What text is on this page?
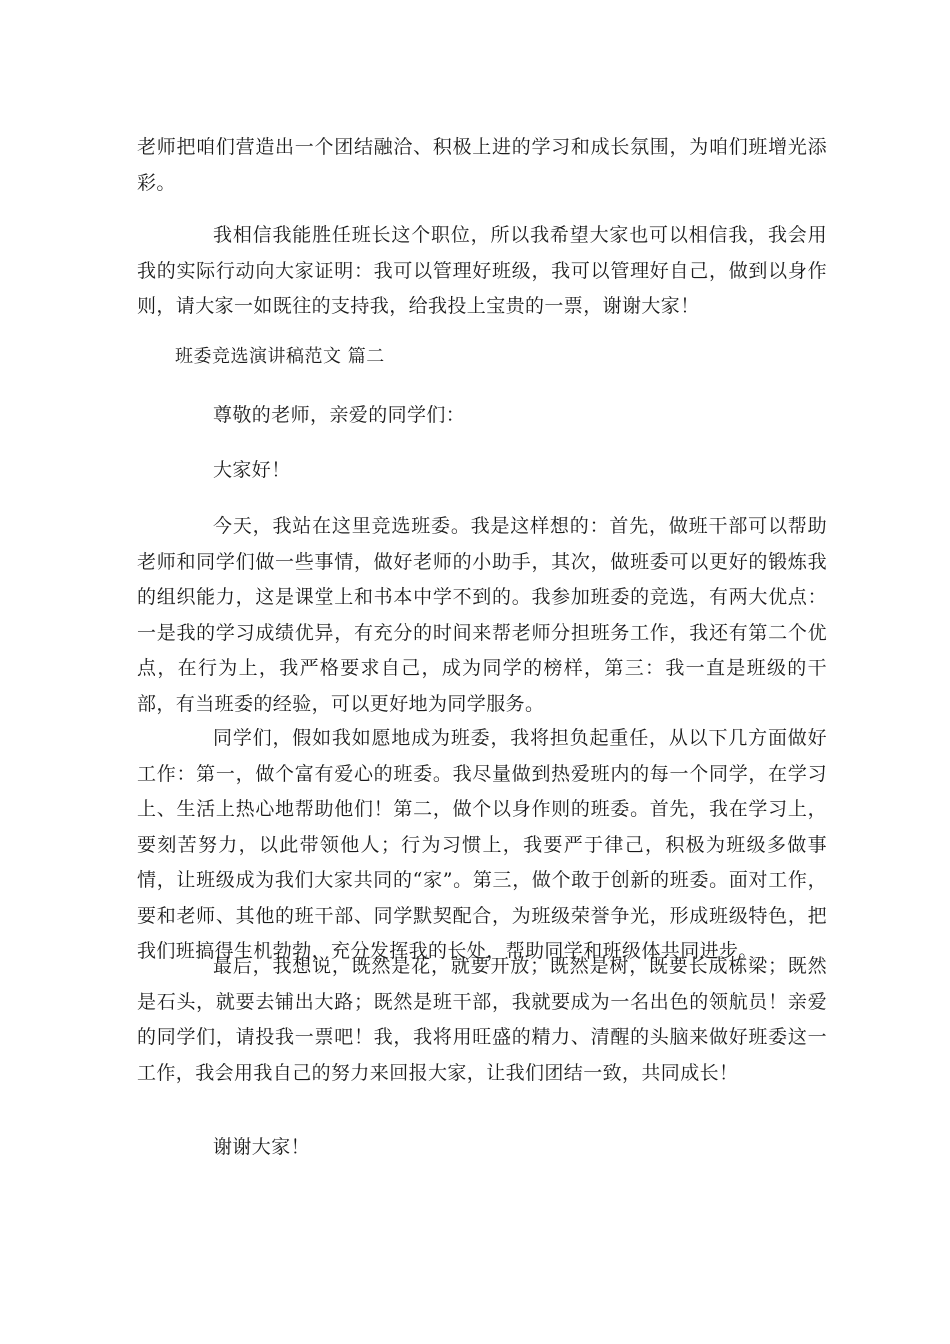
老师把咱们营造出一个团结融洽、积极上进的学习和成长氛围，为咱们班增光添彩。

我相信我能胜任班长这个职位，所以我希望大家也可以相信我，我会用我的实际行动向大家证明：我可以管理好班级，我可以管理好自己，做到以身作则，请大家一如既往的支持我，给我投上宝贵的一票，谢谢大家！

班委竞选演讲稿范文 篇二

尊敬的老师，亲爱的同学们：

大家好！

今天，我站在这里竞选班委。我是这样想的：首先，做班干部可以帮助老师和同学们做一些事情，做好老师的小助手，其次，做班委可以更好的锻炼我的组织能力，这是课堂上和书本中学不到的。我参加班委的竞选，有两大优点：一是我的学习成绩优异，有充分的时间来帮老师分担班务工作，我还有第二个优点，在行为上，我严格要求自己，成为同学的榜样，第三：我一直是班级的干部，有当班委的经验，可以更好地为同学服务。

同学们，假如我如愿地成为班委，我将担负起重任，从以下几方面做好工作：第一，做个富有爱心的班委。我尽量做到热爱班内的每一个同学，在学习上、生活上热心地帮助他们！第二，做个以身作则的班委。首先，我在学习上，要刻苦努力，以此带领他人；行为习惯上，我要严于律己，积极为班级多做事情，让班级成为我们大家共同的“家”。第三，做个敢于创新的班委。面对工作，要和老师、其他的班干部、同学默契配合，为班级荣誉争光，形成班级特色，把我们班搞得生机勃勃，充分发挥我的长处，帮助同学和班级体共同进步。

最后，我想说，既然是花，就要开放；既然是树，既要长成栋梁；既然是石头，就要去铺出大路；既然是班干部，我就要成为一名出色的领航员！亲爱的同学们，请投我一票吧！我，我将用旺盛的精力、清醒的头脑来做好班委这一工作，我会用我自己的努力来回报大家，让我们团结一致，共同成长！

谢谢大家！
